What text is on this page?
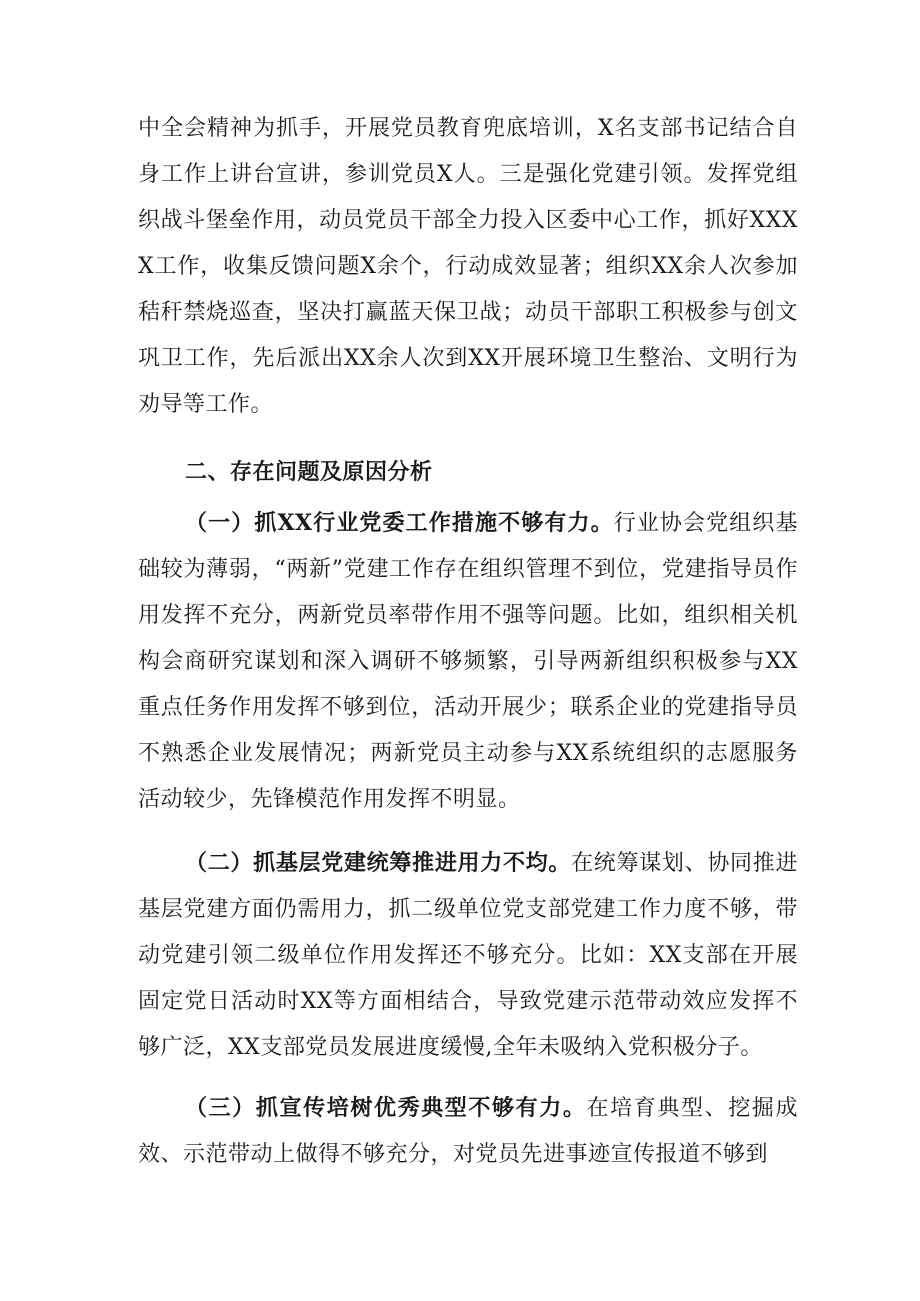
中全会精神为抓手，开展党员教育兜底培训，X名支部书记结合自身工作上讲台宣讲，参训党员X人。三是强化党建引领。发挥党组织战斗堡垒作用，动员党员干部全力投入区委中心工作，抓好XXXX工作，收集反馈问题X余个，行动成效显著；组织XX余人次参加秸秆禁烧巡查，坚决打赢蓝天保卫战；动员干部职工积极参与创文巩卫工作，先后派出XX余人次到XX开展环境卫生整治、文明行为劝导等工作。

二、存在问题及原因分析

（一）抓XX行业党委工作措施不够有力。行业协会党组织基础较为薄弱，“两新”党建工作存在组织管理不到位，党建指导员作用发挥不充分，两新党员率带作用不强等问题。比如，组织相关机构会商研究谋划和深入调研不够频繁，引导两新组织积极参与XX重点任务作用发挥不够到位，活动开展少；联系企业的党建指导员不熟悉企业发展情况；两新党员主动参与XX系统组织的志愿服务活动较少，先锋模范作用发挥不明显。

（二）抓基层党建统筹推进用力不均。在统筹谋划、协同推进基层党建方面仍需用力，抓二级单位党支部党建工作力度不够，带动党建引领二级单位作用发挥还不够充分。比如：XX支部在开展固定党日活动时XX等方面相结合，导致党建示范带动效应发挥不够广泛，XX支部党员发展进度缓慢,全年未吸纳入党积极分子。

（三）抓宣传培树优秀典型不够有力。在培育典型、挖掘成效、示范带动上做得不够充分，对党员先进事迹宣传报道不够到
